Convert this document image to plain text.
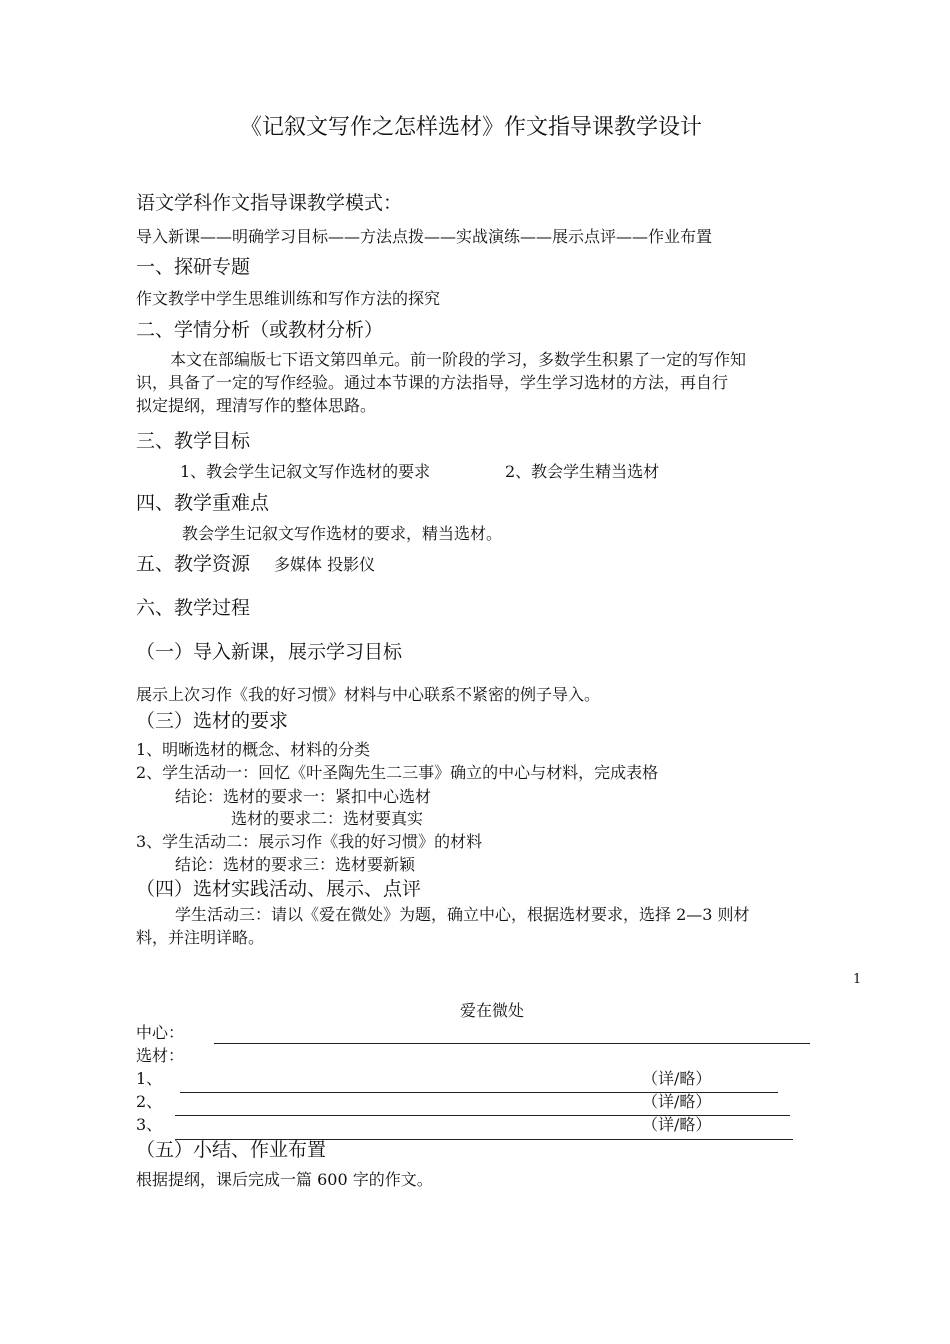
《记叙文写作之怎样选材》作文指导课教学设计
语文学科作文指导课教学模式：
导入新课——明确学习目标——方法点拨——实战演练——展示点评——作业布置
一、探研专题
作文教学中学生思维训练和写作方法的探究
二、学情分析（或教材分析）
本文在部编版七下语文第四单元。前一阶段的学习，多数学生积累了一定的写作知
识，具备了一定的写作经验。通过本节课的方法指导，学生学习选材的方法，再自行
拟定提纲，理清写作的整体思路。
三、教学目标
1、教会学生记叙文写作选材的要求	2、教会学生精当选材
四、教学重难点
教会学生记叙文写作选材的要求，精当选材。
五、教学资源 多媒体 投影仪
六、教学过程
（一）导入新课，展示学习目标
展示上次习作《我的好习惯》材料与中心联系不紧密的例子导入。
（三）选材的要求
1、明晰选材的概念、材料的分类
2、学生活动一：回忆《叶圣陶先生二三事》确立的中心与材料，完成表格
结论：选材的要求一：紧扣中心选材
选材的要求二：选材要真实
3、学生活动二：展示习作《我的好习惯》的材料
结论：选材的要求三：选材要新颖
（四）选材实践活动、展示、点评
学生活动三：请以《爱在微处》为题，确立中心，根据选材要求，选择 2—3 则材
料，并注明详略。
1
爱在微处
中心：
选材：
1、	（详/略）
2、	（详/略）
3、	（详/略）
（五）小结、作业布置
根据提纲，课后完成一篇 600 字的作文。
